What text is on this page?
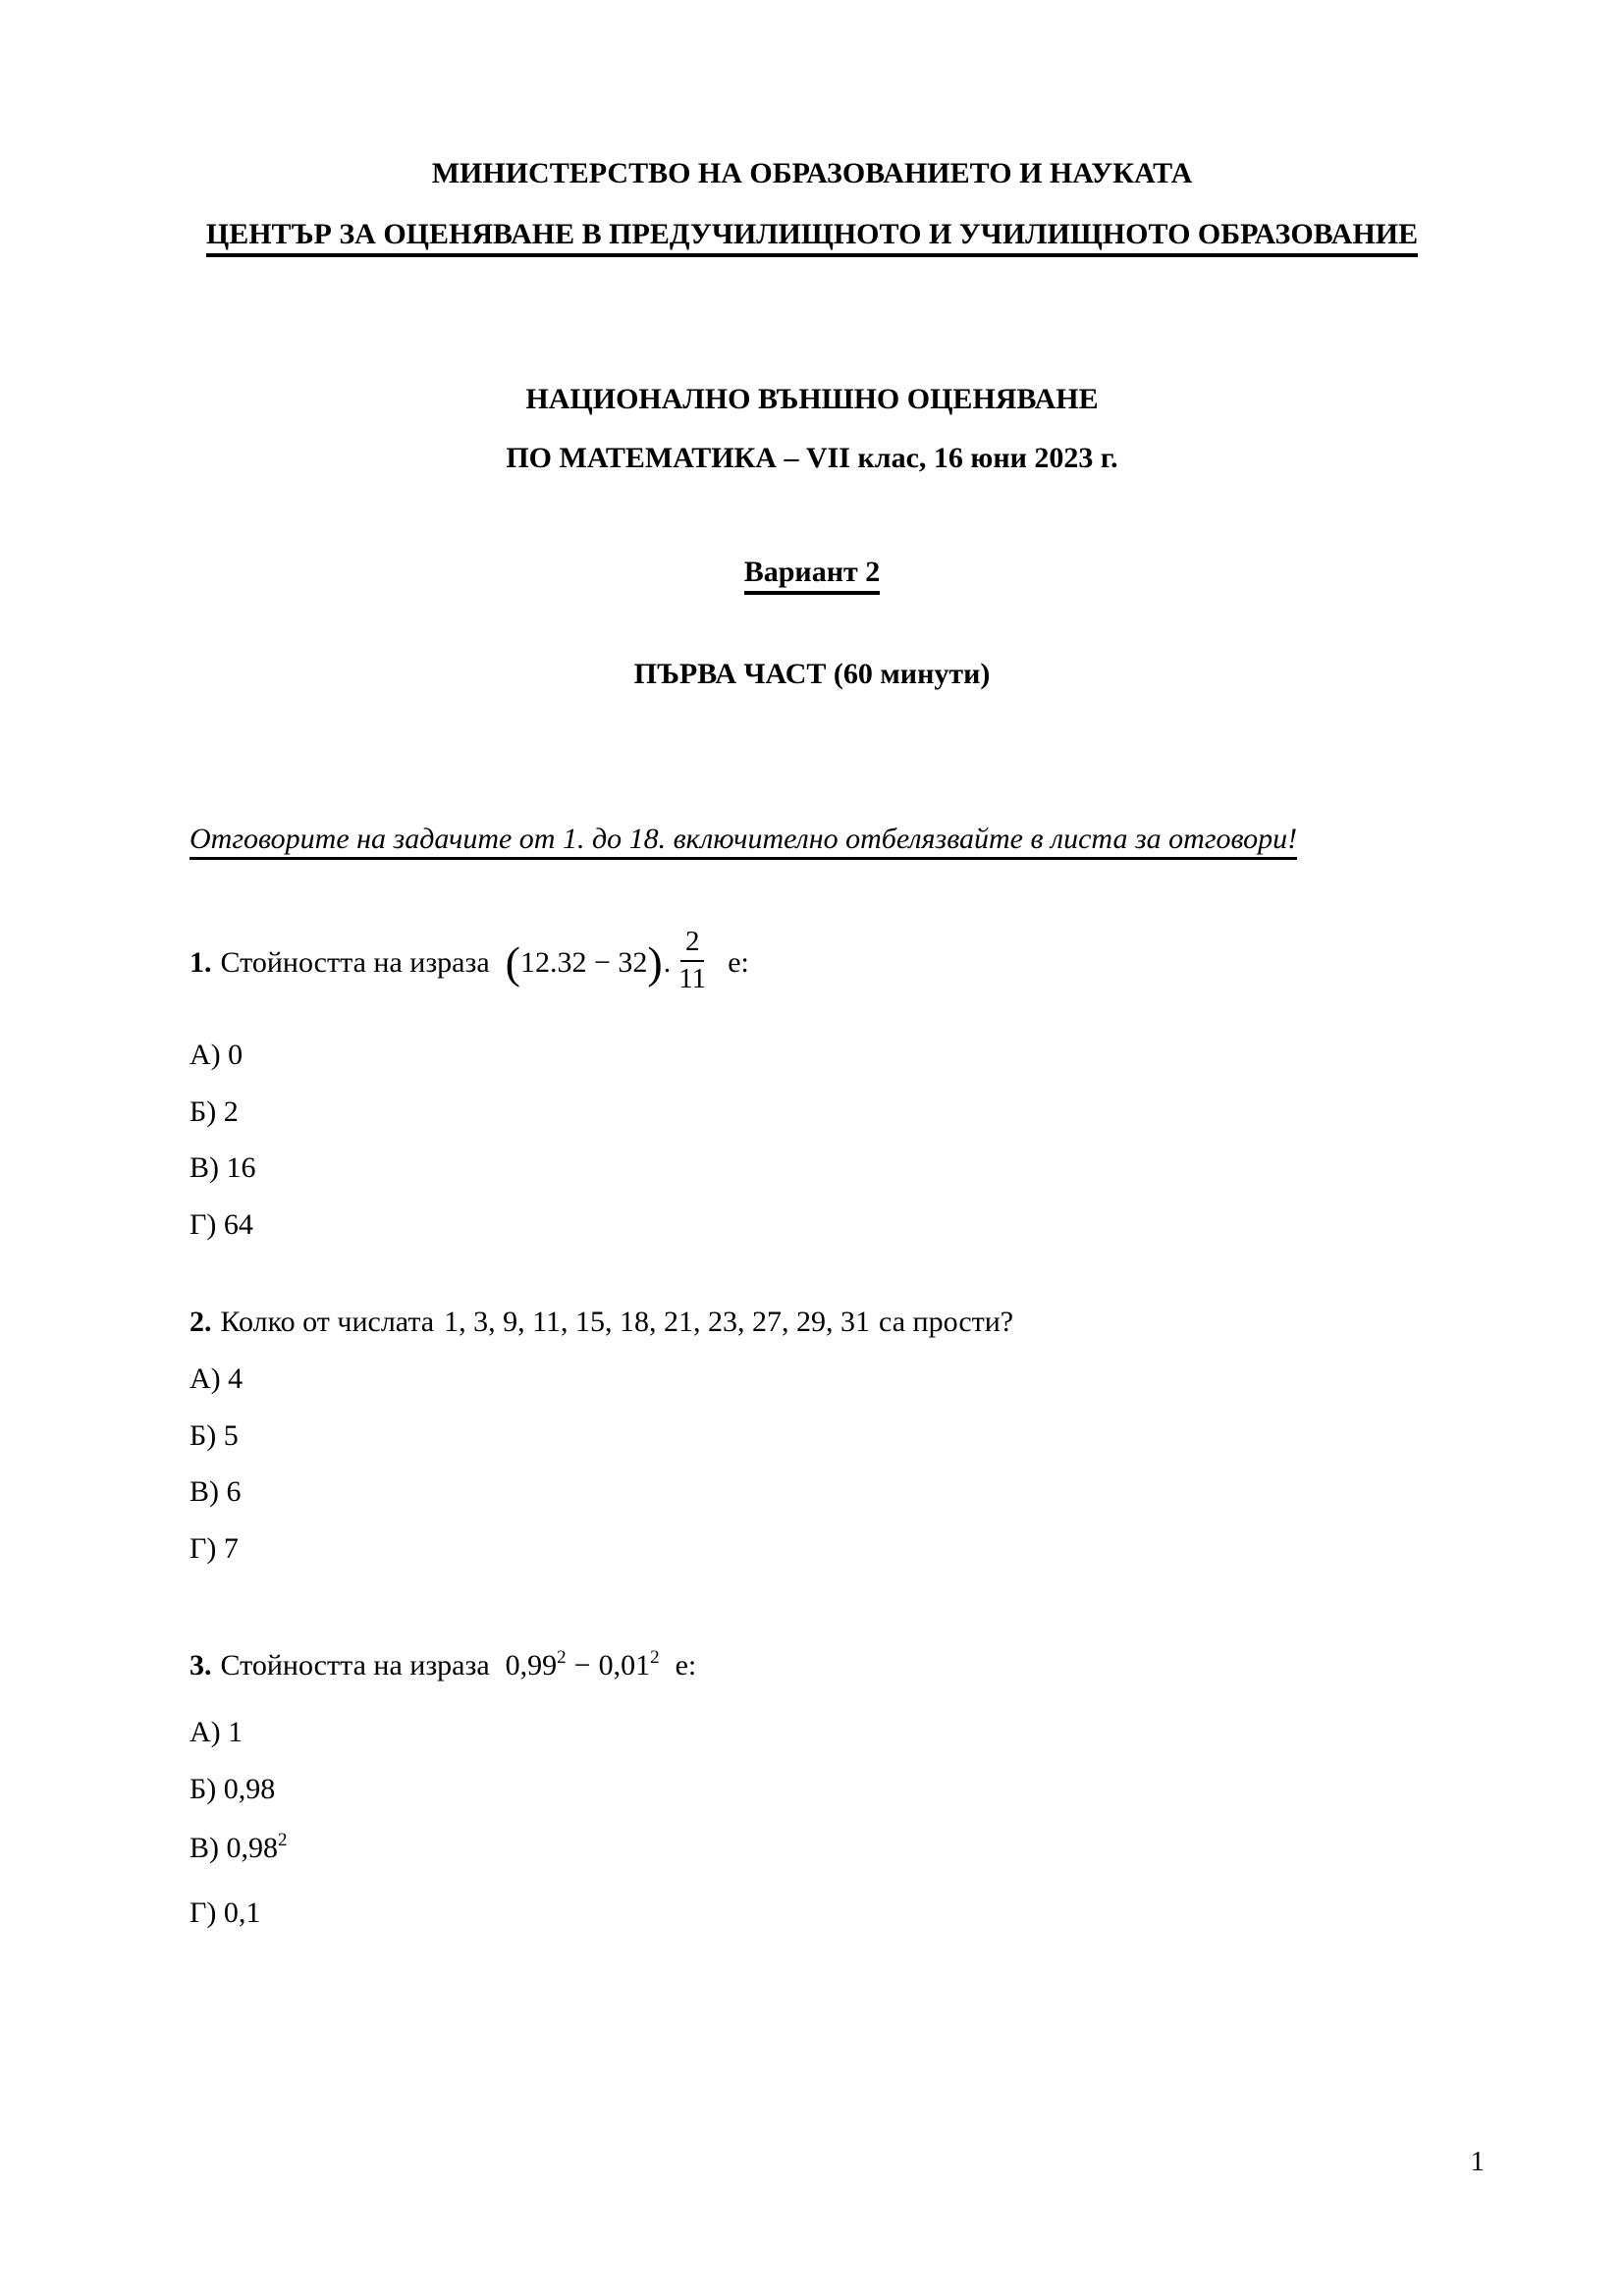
МИНИСТЕРСТВО НА ОБРАЗОВАНИЕТО И НАУКАТА
ЦЕНТЪР ЗА ОЦЕНЯВАНЕ В ПРЕДУЧИЛИЩНОТО И УЧИЛИЩНОТО ОБРАЗОВАНИЕ
НАЦИОНАЛНО ВЪНШНО ОЦЕНЯВАНЕ
ПО МАТЕМАТИКА – VII клас, 16 юни 2023 г.
Вариант 2
ПЪРВА ЧАСТ (60 минути)
Отговорите на задачите от 1. до 18. включително отбелязвайте в листа за отговори!
1. Стойността на израза (12.32 − 32). $\frac{2}{11} е$:
А) 0
Б) 2
В) 16
Г) 64
2. Колко от числата 1, 3, 9, 11, 15, 18, 21, 23, 27, 29, 31 са прости?
А) 4
Б) 5
В) 6
Г) 7
3. Стойността на израза $0,99^2 - 0,01^2$ е:
А) 1
Б) 0,98
В) 0,98$^2$
Г) 0,1
1
